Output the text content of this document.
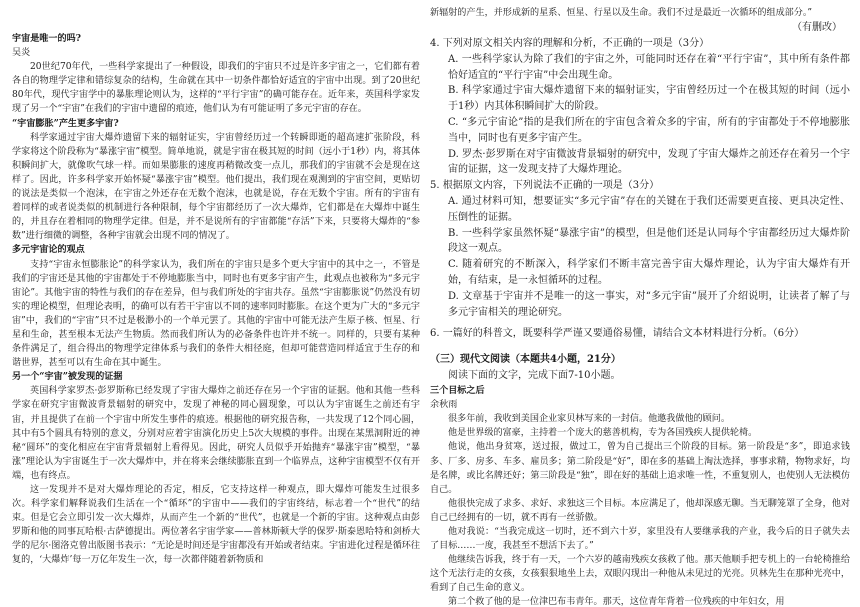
宇宙是唯一的吗?

吴炎

20世纪70年代，一些科学家提出了一种假设，即我们的宇宙只不过是许多宇宙之一，它们都有着各自的物理学定律和错综复杂的结构，生命就在其中一切条件都恰好适宜的宇宙中出现。到了20世纪80年代，现代宇宙学中的暴胀理论则认为，这样的“平行宇宙”的确可能存在。近年来，英国科学家发现了另一个“宇宙”在我们的宇宙中遗留的痕迹，他们认为有可能证明了多元宇宙的存在。

“宇宙膨胀”产生更多宇宙?

科学家通过宇宙大爆炸遗留下来的辐射证实，宇宙曾经历过一个转瞬即逝的超高速扩张阶段，科学家将这个阶段称为“暴涨宇宙”模型。简单地说，就是宇宙在极其短的时间（远小于1秒）内，将其体积瞬间扩大，就像吹气球一样。而如果膨胀的速度再稍微改变一点儿，那我们的宇宙就不会是现在这样了。因此，许多科学家开始怀疑“暴涨宇宙”模型。他们提出，我们现在观测到的宇宙空间，更贴切的说法是类似一个泡沫，在宇宙之外还存在无数个泡沫，也就是说，存在无数个宇宙。所有的宇宙有着同样的或者说类似的机制进行各种限制，每个宇宙都经历了一次大爆炸，它们都是在大爆炸中诞生的，并且存在着相同的物理学定律。但是，并不是说所有的宇宙都能“存活”下来，只要将大爆炸的“参数”进行细微的调整，各种宇宙就会出现不同的情况了。

多元宇宙论的观点

支持“宇宙永恒膨胀论”的科学家认为，我们所在的宇宙只是多个更大宇宙中的其中之一，不管是我们的宇宙还是其他的宇宙都处于不停地膨胀当中，同时也有更多宇宙产生，此观点也被称为“多元宇宙论”。其他宇宙的特性与我们的存在差异，但与我们所处的宇宙共存。虽然“宇宙膨胀说”仍然没有切实的理论模型，但理论表明，的确可以有若干宇宙以不同的速率同时膨胀。在这个更为广大的“多元宇宙”中，我们的“宇宙”只不过是极渺小的一个单元罢了。其他的宇宙中可能无法产生原子核、恒星、行星和生命，甚至根本无法产生物质。然而我们所认为的必备条件也许并不统一。同样的，只要有某种条件满足了，组合得出的物理学定律体系与我们的条件大相径庭，但却可能营造同样适宜于生存的和谐世界，甚至可以有生命在其中诞生。

另一个“宇宙”被发现的证据

英国科学家罗杰·彭罗斯称已经发现了宇宙大爆炸之前还存在另一个宇宙的证据。他和其他一些科学家在研究宇宙微波背景辐射的研究中，发现了神秘的同心圆现象，可以认为宇宙诞生之前还有宇宙，并且提供了在前一个宇宙中所发生事件的痕迹。根据他的研究报告称，一共发现了12个同心圆，其中有5个圆具有特别的意义，分别对应着宇宙演化历史上5次大规模的事件。出现在某黑洞附近的神秘“圆环”的变化相应在宇宙背景辐射上看得见。因此，研究人员似乎开始抛弃“暴涨宇宙”模型，“暴涨”理论认为宇宙诞生于一次大爆炸中，并在将来会继续膨胀直到一个临界点，这种宇宙模型不仅有开端，也有终点。

这一发现并不是对大爆炸理论的否定，相反，它支持这样一种观点，即大爆炸可能发生过很多次。科学家们解释说我们生活在一个“循环”的宇宙中——我们的宇宙终结，标志着一个“世代”的结束。但是它会立即引发一次大爆炸，从而产生一个新的“世代”，也就是一个新的宇宙。这种观点由彭罗斯和他的同事瓦哈根·古萨德提出。两位著名宇宙学家——普林斯顿大学的保罗·斯泰恩哈特和剑桥大学的尼尔·图洛克曾出版图书表示：“无论是时间还是宇宙都没有开始或者结束。宇宙进化过程是循环往复的，‘大爆炸’每一万亿年发生一次，每一次都伴随着新物质和

新辐射的产生，并形成新的星系、恒星、行星以及生命。我们不过是最近一次循环的组成部分。”

（有删改）

4. 下列对原文相关内容的理解和分析，不正确的一项是（3分）

A. 一些科学家认为除了我们的宇宙之外，可能同时还存在着“平行宇宙”，其中所有条件都恰好适宜的“平行宇宙”中会出现生命。

B. 科学家通过宇宙大爆炸遗留下来的辐射证实，宇宙曾经历过一个在极其短的时间（远小于1秒）内其体积瞬间扩大的阶段。

C. “多元宇宙论”指的是我们所在的宇宙包含着众多的宇宙，所有的宇宙都处于不停地膨胀当中，同时也有更多宇宙产生。

D. 罗杰·彭罗斯在对宇宙微波背景辐射的研究中，发现了宇宙大爆炸之前还存在着另一个宇宙的证据，这一发现支持了大爆炸理论。

5. 根据原文内容，下列说法不正确的一项是（3分）

A. 通过材料可知，想要证实“多元宇宙”存在的关键在于我们还需要更直接、更具决定性、压倒性的证据。

B. 一些科学家虽然怀疑“暴涨宇宙”的模型，但是他们还是认同每个宇宙都经历过大爆炸阶段这一观点。

C. 随着研究的不断深入，科学家们不断丰富完善宇宙大爆炸理论，认为宇宙大爆炸有开始，有结束，是一永恒循环的过程。

D. 文章基于宇宙并不是唯一的这一事实，对“多元宇宙”展开了介绍说明，让读者了解了与多元宇宙相关的理论研究。

6. 一篇好的科普文，既要科学严谨又要通俗易懂，请结合文本材料进行分析。（6分）

（三）现代文阅读（本题共4小题，21分）

阅读下面的文字，完成下面7-10小题。

三个目标之后

余秋雨

很多年前，我收到美国企业家贝林写来的一封信。他邀我做他的顾问。

他是世界级的富豪，主持着一个庞大的慈善机构，专为各国残疾人提供轮椅。

他说，他出身贫寒，送过报，做过工，曾为自己提出三个阶段的目标。第一阶段是“多”，即追求钱多、厂多、房多、车多、雇员多；第二阶段是“好”，即在多的基础上淘汰选择，事事求精，物物求好，均是名牌，或比名牌还好；第三阶段是“独”，即在好的基础上追求唯一性，不重复别人，也使别人无法模仿自己。

他很快完成了求多、求好、求独这三个目标。本应满足了，他却深感无聊。当无聊笼罩了全身，他对自己已经拥有的一切，就不再有一丝骄傲。

他对我说：“当我完成这一切时，还不到六十岁，家里没有人要继承我的产业，我今后的日子就失去了目标……一度，我甚至不想活下去了。”

他继续告诉我，终于有一天，一个六岁的越南残疾女孩救了他。那天他顺手把专机上的一台轮椅推给这个无法行走的女孩，女孩狠狠地坐上去，双眼闪现出一种他从未见过的光亮。贝林先生在那种光亮中，看到了自己生命的意义。

第二个救了他的是一位津巴布韦青年。那天，这位青年背着一位残疾的中年妇女，用
